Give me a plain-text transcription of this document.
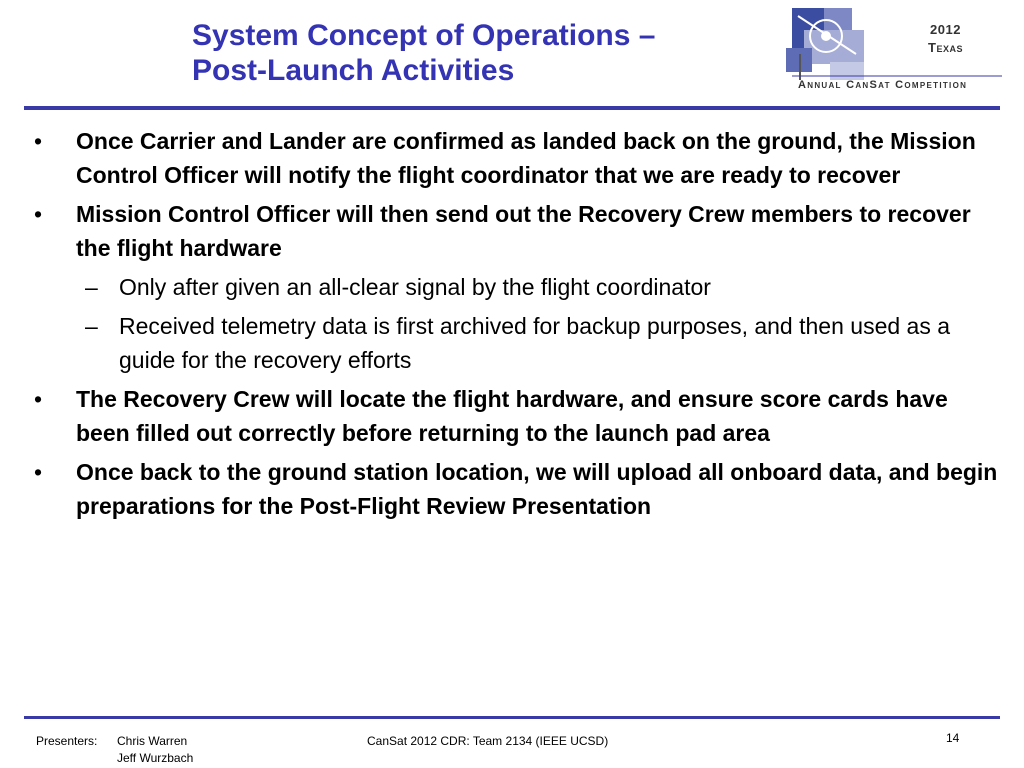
System Concept of Operations –
Post-Launch Activities
2012
Texas
Annual CanSat Competition
• Once Carrier and Lander are confirmed as landed back on the ground, the Mission Control Officer will notify the flight coordinator that we are ready to recover
• Mission Control Officer will then send out the Recovery Crew members to recover the flight hardware
– Only after given an all-clear signal by the flight coordinator
– Received telemetry data is first archived for backup purposes, and then used as a guide for the recovery efforts
• The Recovery Crew will locate the flight hardware, and ensure score cards have been filled out correctly before returning to the launch pad area
• Once back to the ground station location, we will upload all onboard data, and begin preparations for the Post-Flight Review Presentation
Presenters: Chris Warren
Jeff Wurzbach
CanSat 2012 CDR: Team 2134 (IEEE UCSD)	14
